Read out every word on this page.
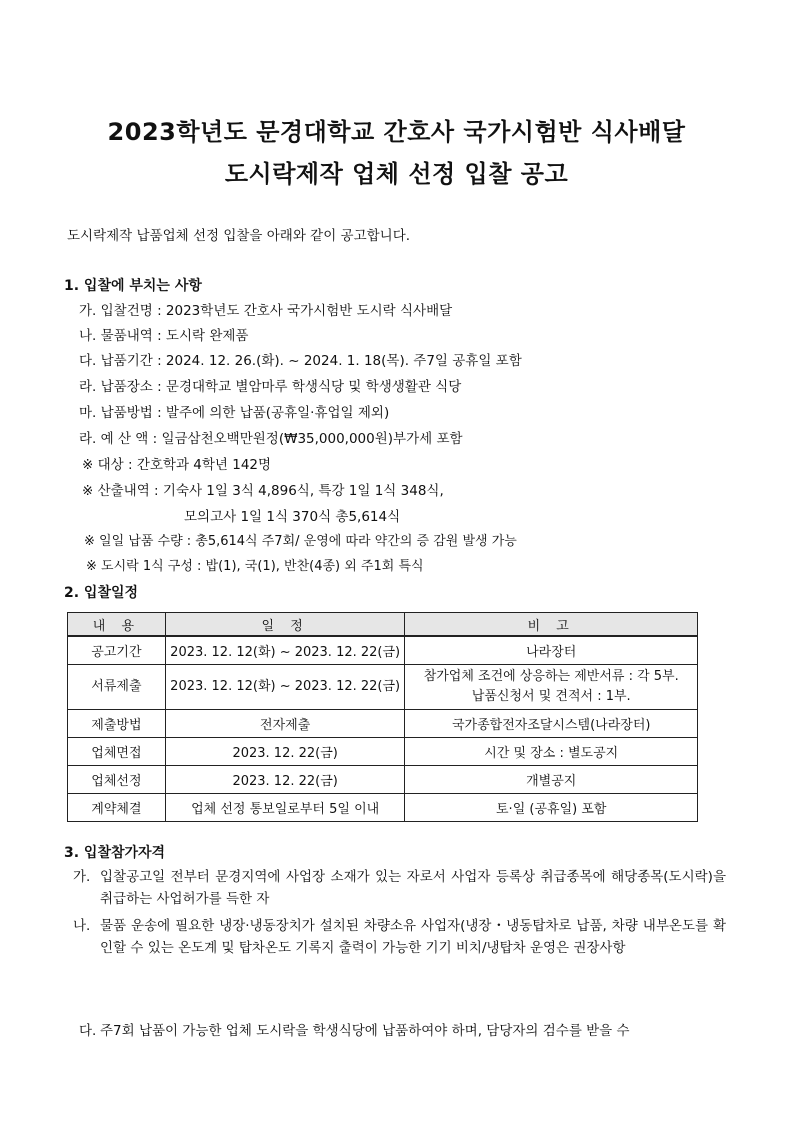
2023학년도 문경대학교 간호사 국가시험반 식사배달
도시락제작 업체 선정 입찰 공고
도시락제작 납품업체 선정 입찰을 아래와 같이 공고합니다.
1. 입찰에 부치는 사항
가. 입찰건명 : 2023학년도 간호사 국가시험반 도시락 식사배달
나. 물품내역 : 도시락 완제품
다. 납품기간 : 2024. 12. 26.(화). ~ 2024. 1. 18(목). 주7일 공휴일 포함
라. 납품장소 : 문경대학교 별암마루 학생식당 및 학생생활관 식당
마. 납품방법 : 발주에 의한 납품(공휴일·휴업일 제외)
라. 예 산 액 : 일금삼천오백만원정(₩35,000,000원)부가세 포함
※ 대상 : 간호학과 4학년 142명
※ 산출내역 : 기숙사 1일 3식 4,896식, 특강 1일 1식 348식,
모의고사 1일 1식 370식 총5,614식
※ 일일 납품 수량 : 총5,614식 주7회/ 운영에 따라 약간의 증 감원 발생 가능
※ 도시락 1식 구성 : 밥(1), 국(1), 반찬(4종) 외 주1회 특식
2. 입찰일정
내 용	일 정	비 고
공고기간	2023. 12. 12(화) ~ 2023. 12. 22(금)	나라장터
서류제출	2023. 12. 12(화) ~ 2023. 12. 22(금)	참가업체 조건에 상응하는 제반서류 : 각 5부.
납품신청서 및 견적서 : 1부.

제출방법	전자제출	국가종합전자조달시스템(나라장터)
업체면접	2023. 12. 22(금)	시간 및 장소 : 별도공지
업체선정	2023. 12. 22(금)	개별공지
계약체결	업체 선정 통보일로부터 5일 이내	토·일 (공휴일) 포함
3. 입찰참가자격
가. 입찰공고일 전부터 문경지역에 사업장 소재가 있는 자로서 사업자 등록상 취급종목에 해당종목(도시락)을 취급하는 사업허가를 득한 자
나. 물품 운송에 필요한 냉장·냉동장치가 설치된 차량소유 사업자(냉장・냉동탑차로 납품, 차량 내부온도를 확인할 수 있는 온도계 및 탑차온도 기록지 출력이 가능한 기기 비치/냉탑차 운영은 권장사항
다. 주7회 납품이 가능한 업체 도시락을 학생식당에 납품하여야 하며, 담당자의 검수를 받을 수
